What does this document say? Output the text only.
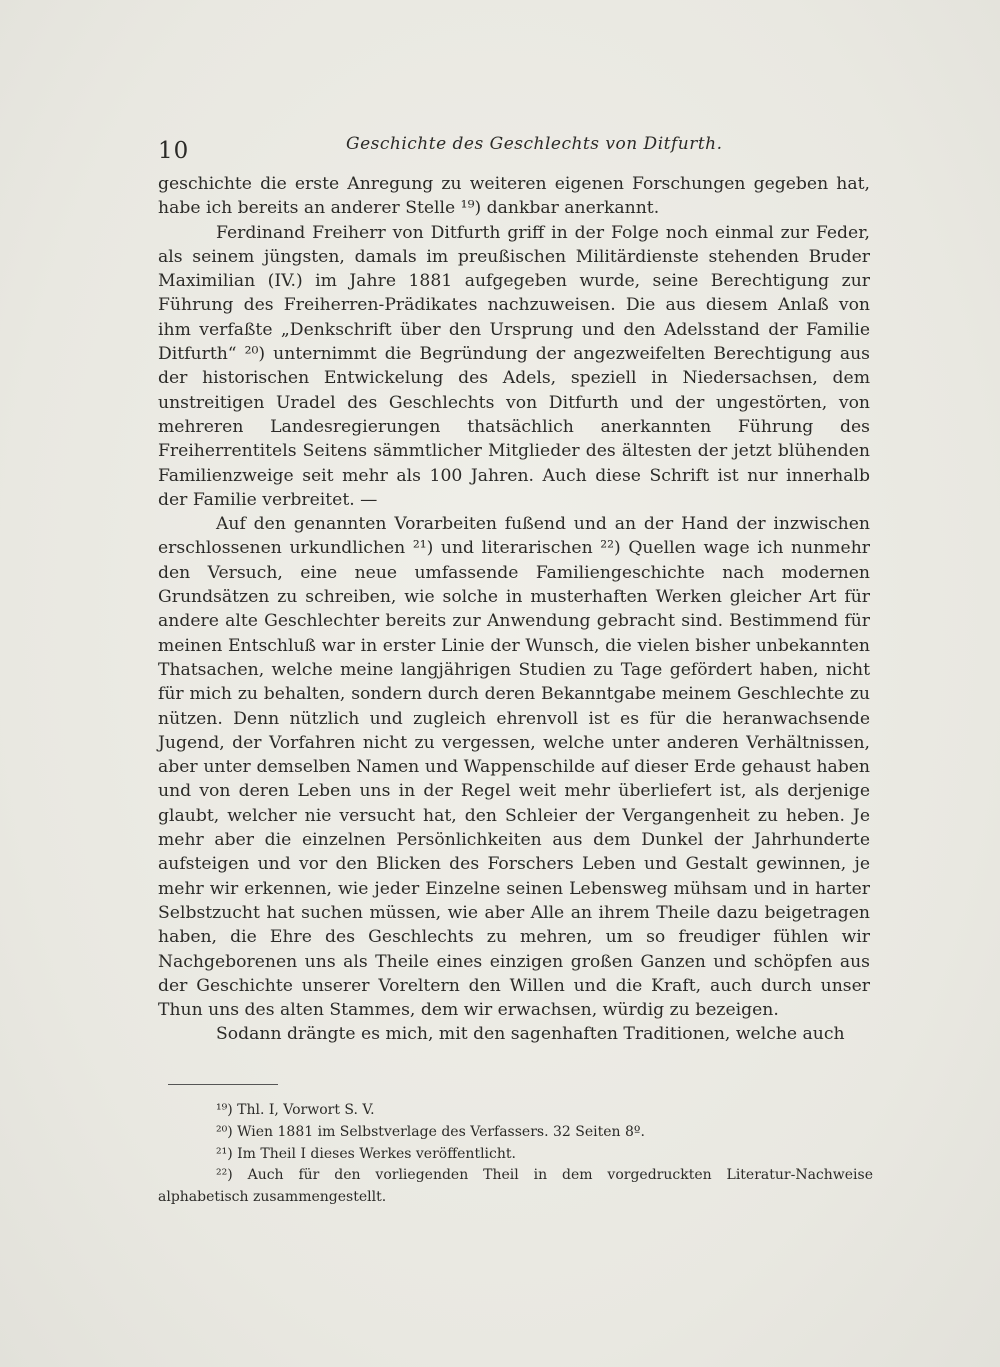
10	Geschichte des Geschlechts von Ditfurth.

geschichte die erste Anregung zu weiteren eigenen Forschungen gegeben hat, habe ich bereits an anderer Stelle ¹⁹) dankbar anerkannt.

Ferdinand Freiherr von Ditfurth griff in der Folge noch einmal zur Feder, als seinem jüngsten, damals im preußischen Militärdienste stehenden Bruder Maximilian (IV.) im Jahre 1881 aufgegeben wurde, seine Berechtigung zur Führung des Freiherren-Prädikates nachzuweisen. Die aus diesem Anlaß von ihm verfaßte „Denkschrift über den Ursprung und den Adelsstand der Familie Ditfurth“ ²⁰) unternimmt die Begründung der angezweifelten Berechtigung aus der historischen Entwickelung des Adels, speziell in Niedersachsen, dem unstreitigen Uradel des Geschlechts von Ditfurth und der ungestörten, von mehreren Landesregierungen thatsächlich anerkannten Führung des Freiherrentitels Seitens sämmtlicher Mitglieder des ältesten der jetzt blühenden Familienzweige seit mehr als 100 Jahren. Auch diese Schrift ist nur innerhalb der Familie verbreitet. —

Auf den genannten Vorarbeiten fußend und an der Hand der inzwischen erschlossenen urkundlichen ²¹) und literarischen ²²) Quellen wage ich nunmehr den Versuch, eine neue umfassende Familiengeschichte nach modernen Grundsätzen zu schreiben, wie solche in musterhaften Werken gleicher Art für andere alte Geschlechter bereits zur Anwendung gebracht sind. Bestimmend für meinen Entschluß war in erster Linie der Wunsch, die vielen bisher unbekannten Thatsachen, welche meine langjährigen Studien zu Tage gefördert haben, nicht für mich zu behalten, sondern durch deren Bekanntgabe meinem Geschlechte zu nützen. Denn nützlich und zugleich ehrenvoll ist es für die heranwachsende Jugend, der Vorfahren nicht zu vergessen, welche unter anderen Verhältnissen, aber unter demselben Namen und Wappenschilde auf dieser Erde gehaust haben und von deren Leben uns in der Regel weit mehr überliefert ist, als derjenige glaubt, welcher nie versucht hat, den Schleier der Vergangenheit zu heben. Je mehr aber die einzelnen Persönlichkeiten aus dem Dunkel der Jahrhunderte aufsteigen und vor den Blicken des Forschers Leben und Gestalt gewinnen, je mehr wir erkennen, wie jeder Einzelne seinen Lebensweg mühsam und in harter Selbstzucht hat suchen müssen, wie aber Alle an ihrem Theile dazu beigetragen haben, die Ehre des Geschlechts zu mehren, um so freudiger fühlen wir Nachgeborenen uns als Theile eines einzigen großen Ganzen und schöpfen aus der Geschichte unserer Voreltern den Willen und die Kraft, auch durch unser Thun uns des alten Stammes, dem wir erwachsen, würdig zu bezeigen.

Sodann drängte es mich, mit den sagenhaften Traditionen, welche auch

¹⁹) Thl. I, Vorwort S. V.

²⁰) Wien 1881 im Selbstverlage des Verfassers. 32 Seiten 8º.

²¹) Im Theil I dieses Werkes veröffentlicht.

²²) Auch für den vorliegenden Theil in dem vorgedruckten Literatur-Nachweise alphabetisch zusammengestellt.
